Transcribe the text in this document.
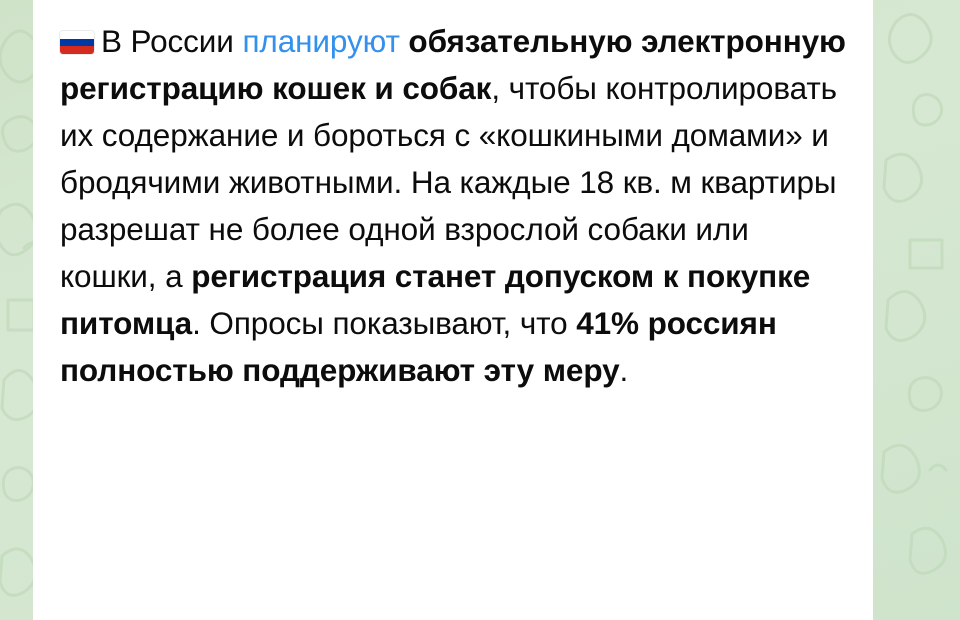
В России планируют обязательную электронную регистрацию кошек и собак, чтобы контролировать их содержание и бороться с «кошкиными домами» и бродячими животными. На каждые 18 кв. м квартиры разрешат не более одной взрослой собаки или кошки, а регистрация станет допуском к покупке питомца. Опросы показывают, что 41% россиян полностью поддерживают эту меру.
